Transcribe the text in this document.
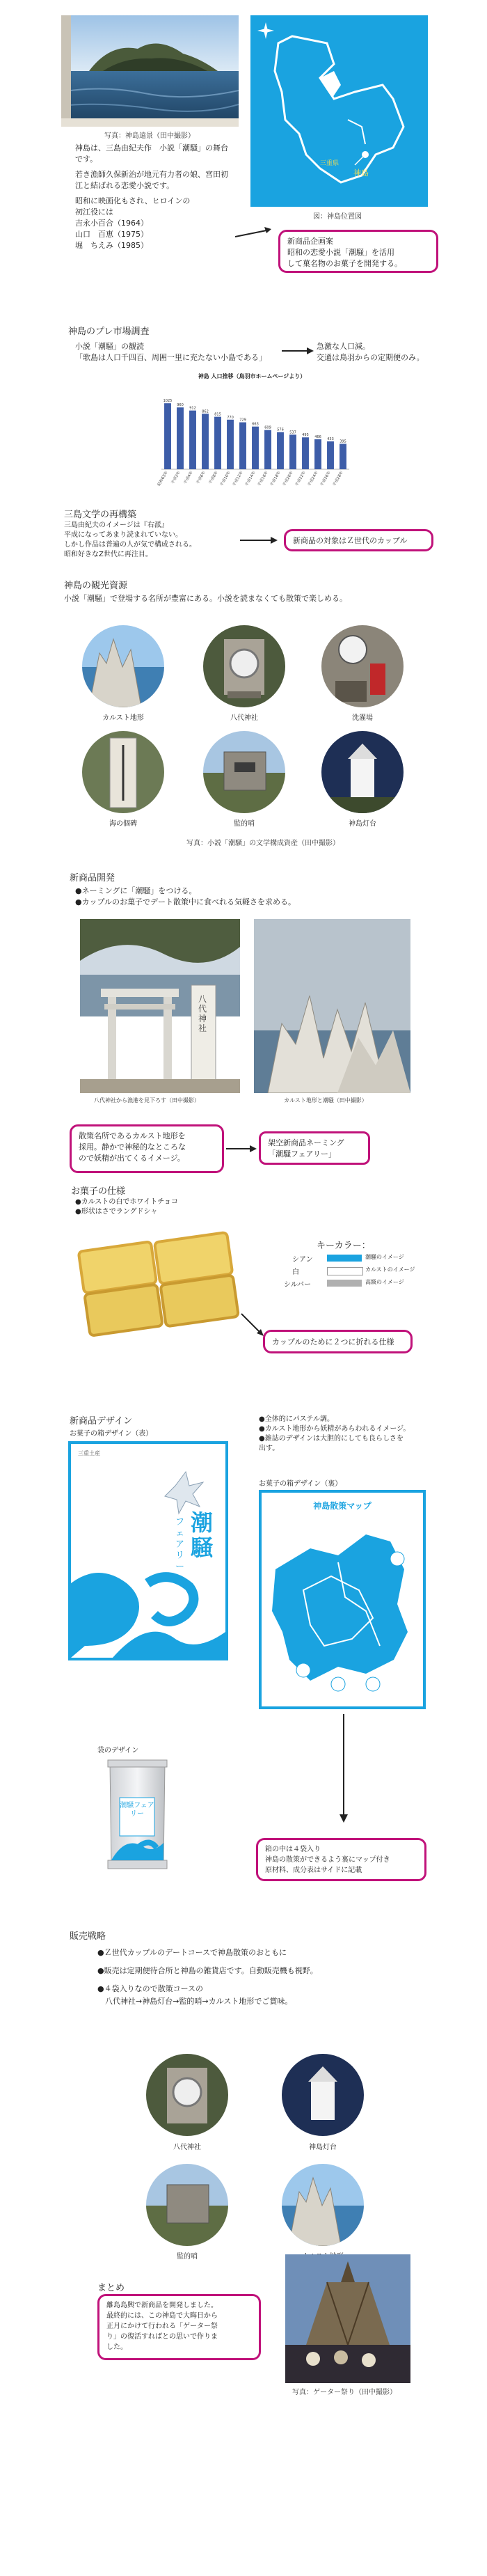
写真：神島遠景（田中撮影）
神島
三重県
図：神島位置図
神島は、三島由紀夫作　小説「潮騒」の舞台
です。
若き漁師久保新治が地元有力者の娘、宮田初
江と結ばれる恋愛小説です。
昭和に映画化もされ、ヒロインの
初江役には
吉永小百合（1964）
山口　百恵（1975）
堀　ちえみ（1985）	新商品企画案
昭和の恋愛小説「潮騒」を活用
して菓名物のお菓子を開発する。
神島のプレ市場調査
小説「潮騒」の観読
「歌島は人口千四百、周囲一里に充たない小島である」
急激な人口減。
交通は鳥羽からの定期便のみ。
神島 人口推移（鳥羽市ホームページより）
1025
昭和63年
960
平成2年
912
平成4年
862
平成6年
815
平成8年
770
平成10年
729
平成12年
663
平成14年
609
平成16年
576
平成18年
537
平成20年
495
平成22年
466
平成24年
433
平成26年
395
平成28年
三島文学の再構築
三島由紀夫のイメージは『右派』
平成になってあまり読まれていない。
しかし作品は普遍の人が気で構成される。
昭和好きなZ世代に再注目。
新商品の対象はＺ世代のカップル
神島の観光資源
小説「潮騒」で登場する名所が豊富にある。小説を読まなくても散策で楽しめる。
カルスト地形	八代神社	洗濯場
海の個碑	監的哨	神島灯台
写真：小説「潮騒」の文学構成資産（田中撮影）
新商品開発
●ネーミングに「潮騒」をつける。
●カップルのお菓子でデート散策中に食べれる気軽さを求める。
八代神社
八代神社から漁港を見下ろす（田中撮影）	カルスト地形と潮騒（田中撮影）
散策名所であるカルスト地形を
採用。静かで神秘的なところな
ので妖精が出てくるイメージ。
架空新商品ネーミング
「潮騒フェアリー」
お菓子の仕様
●カルストの白でホワイトチョコ
●形状はさでラングドシャ
キーカラー：
シアン	潮騒のイメージ
白	カルストのイメージ
シルバー	高級のイメージ
カップルのために２つに折れる仕様
新商品デザイン
お菓子の箱デザイン（表）
●全体的にパステル調。
●カルスト地形から妖精があらわれるイメージ。
●雑誌のデザインは大胆的にしても良らしさを
出す。
お菓子の箱デザイン（裏）
三重土産
潮騒
フェアリー
神島散策マップ
袋のデザイン
潮騒フェアリー
箱の中は４袋入り
神島の散策ができるよう裏にマップ付き
原材料、成分表はサイドに記載
販売戦略
●Ｚ世代カップルのデートコースで神島散策のおともに
●販売は定期便待合所と神島の雑貨店です。自動販売機も視野。
●４袋入りなので散策コースの
　八代神社→神島灯台→監的哨→カルスト地形でご賞味。
八代神社	神島灯台
監的哨
まとめ
離島島興で新商品を開発しました。
最終的には、この神島で大晦日から
正月にかけて行われる「ゲーター祭
り」の復活すればとの思いで作りま
した。
写真：ゲーター祭り（田中撮影）
